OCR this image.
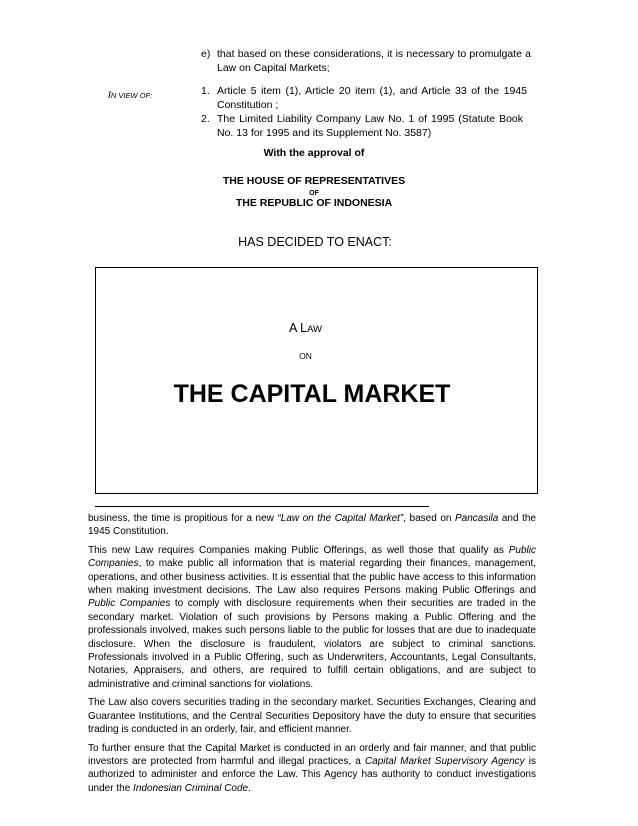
e) that based on these considerations, it is necessary to promulgate a Law on Capital Markets;
IN VIEW OF:	1. Article 5 item (1), Article 20 item (1), and Article 33 of the 1945 Constitution ;
2. The Limited Liability Company Law No. 1 of 1995 (Statute Book No. 13 for 1995 and its Supplement No. 3587)
With the approval of
THE HOUSE OF REPRESENTATIVES
OF
THE REPUBLIC OF INDONESIA
HAS DECIDED TO ENACT:
A LAW
ON
THE CAPITAL MARKET

business, the time is propitious for a new “Law on the Capital Market”, based on Pancasila and the 1945 Constitution.

This new Law requires Companies making Public Offerings, as well those that qualify as Public Companies, to make public all information that is material regarding their finances, management, operations, and other business activities. It is essential that the public have access to this information when making investment decisions. The Law also requires Persons making Public Offerings and Public Companies to comply with disclosure requirements when their securities are traded in the secondary market. Violation of such provisions by Persons making a Public Offering and the professionals involved, makes such persons liable to the public for losses that are due to inadequate disclosure. When the disclosure is fraudulent, violators are subject to criminal sanctions. Professionals involved in a Public Offering, such as Underwriters, Accountants, Legal Consultants, Notaries, Appraisers, and others, are required to fulfill certain obligations, and are subject to administrative and criminal sanctions for violations.

The Law also covers securities trading in the secondary market. Securities Exchanges, Clearing and Guarantee Institutions, and the Central Securities Depository have the duty to ensure that securities trading is conducted in an orderly, fair, and efficient manner.

To further ensure that the Capital Market is conducted in an orderly and fair manner, and that public investors are protected from harmful and illegal practices, a Capital Market Supervisory Agency is authorized to administer and enforce the Law. This Agency has authority to conduct investigations under the Indonesian Criminal Code.
